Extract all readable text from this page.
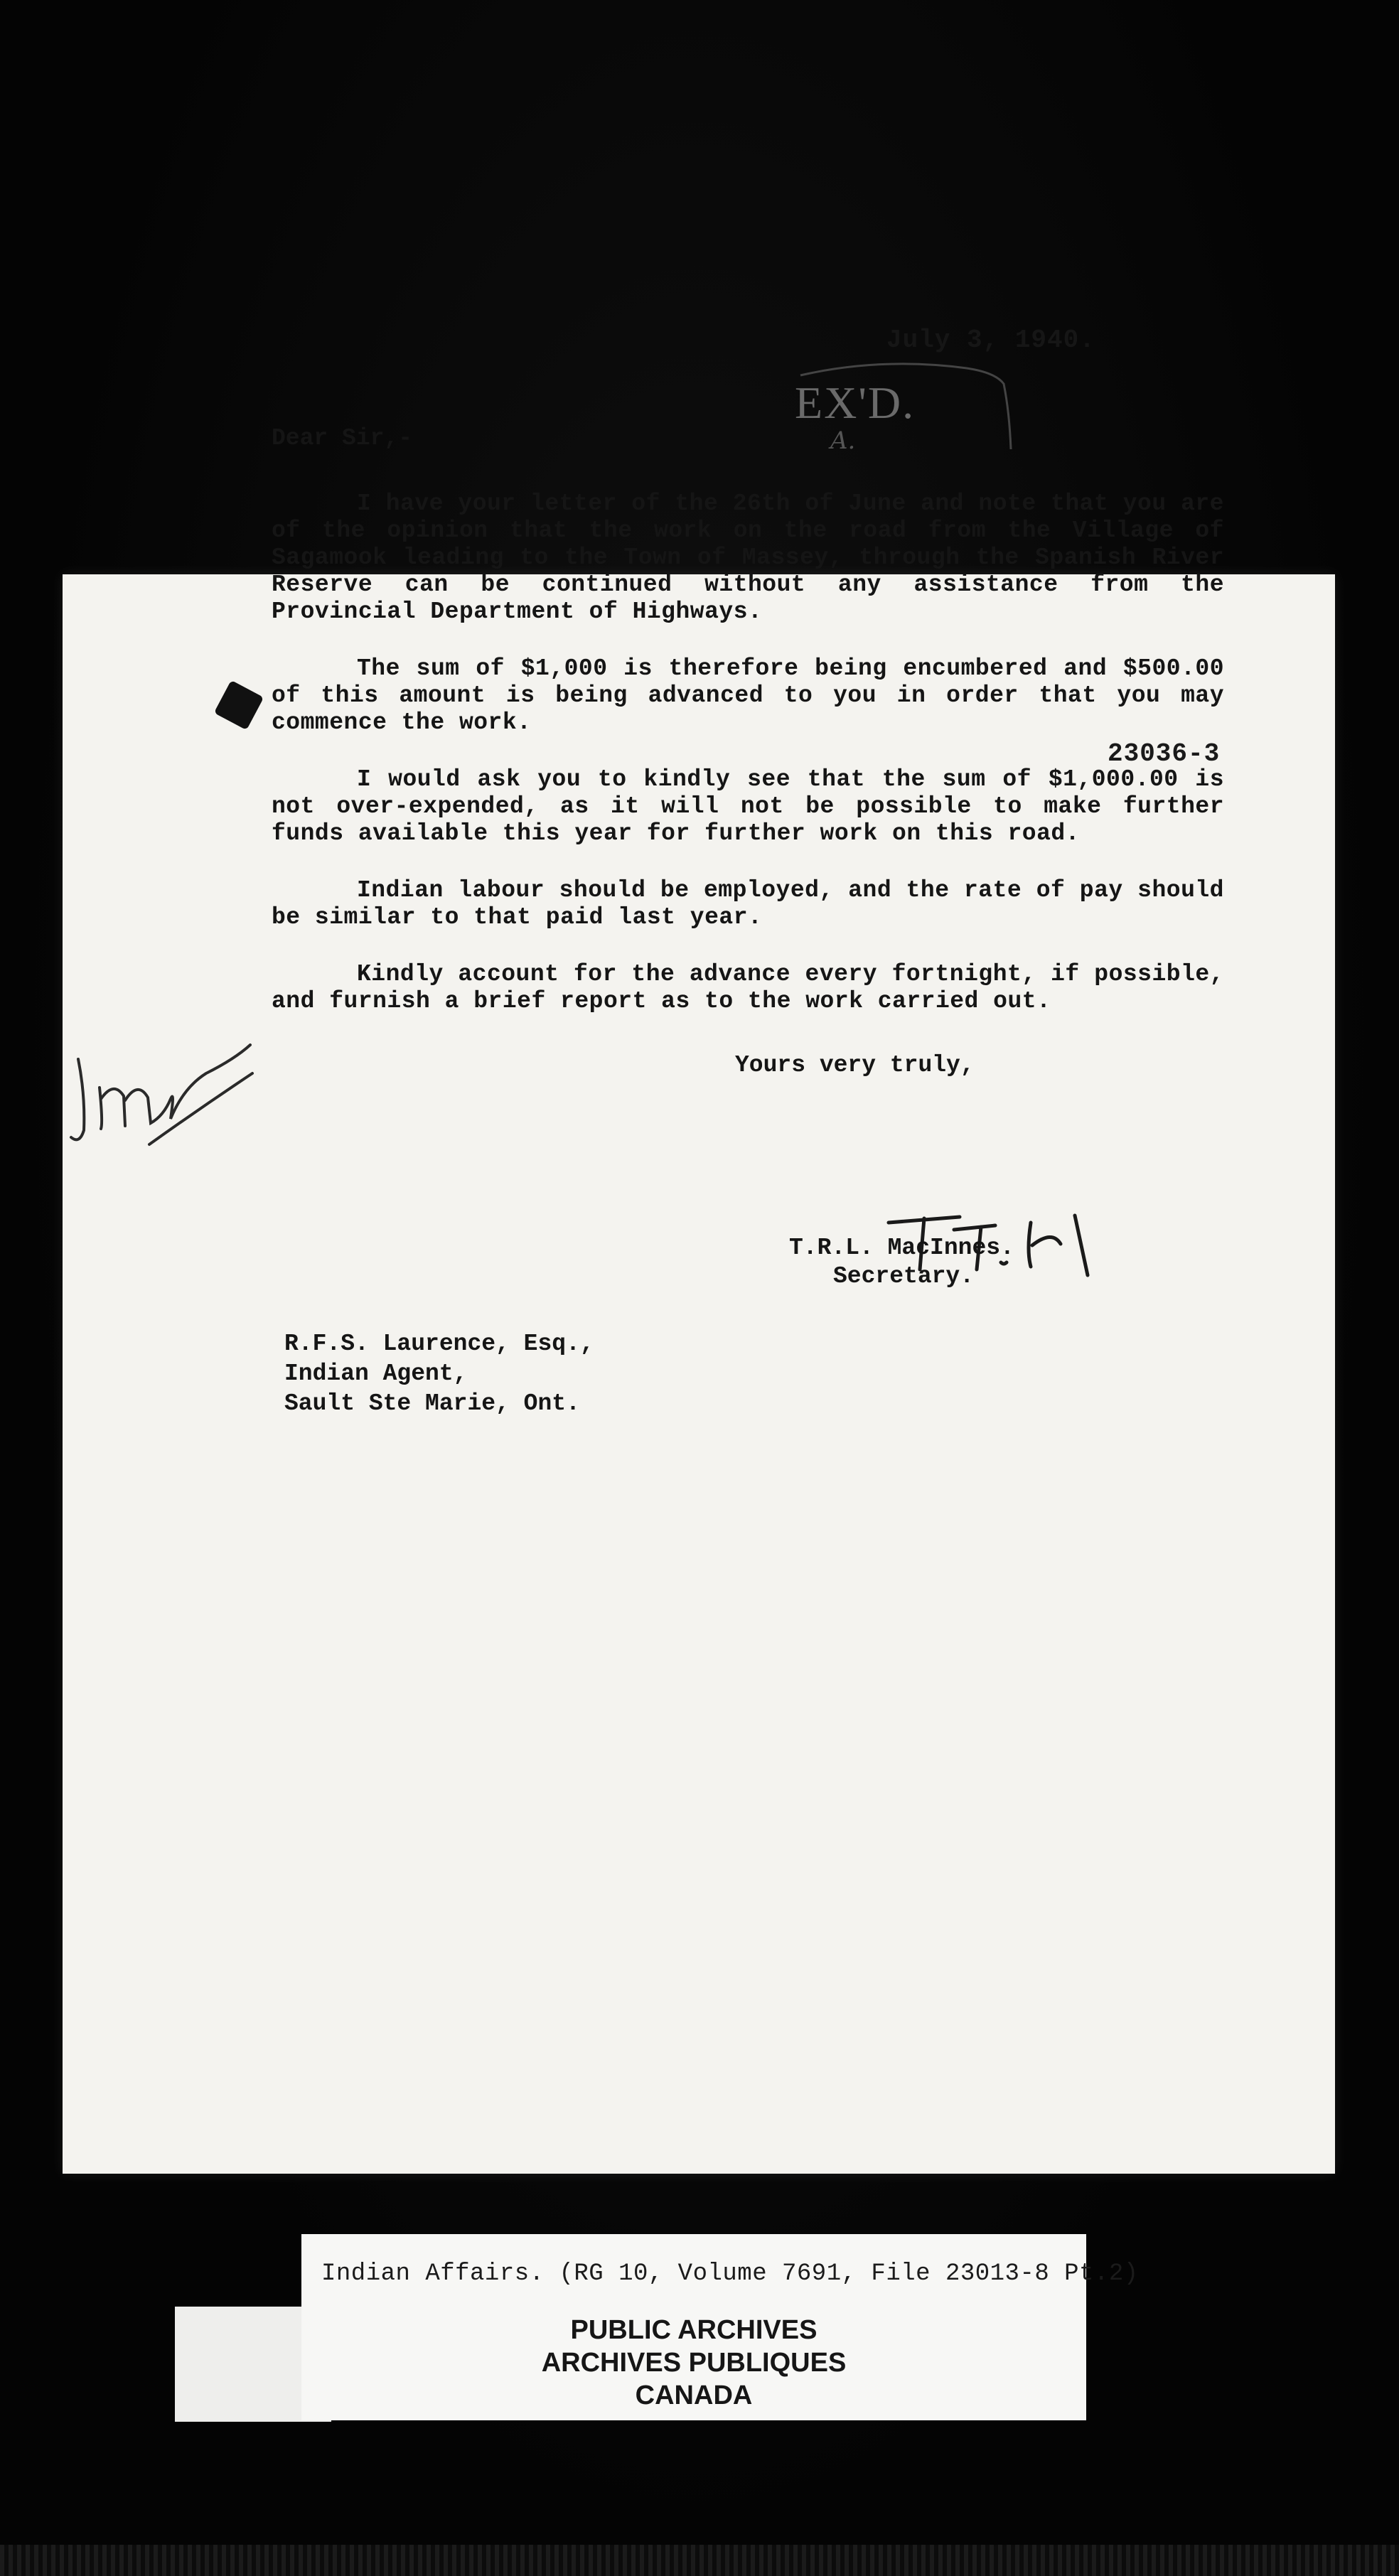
23036-3
July 3, 1940.
EX'D.
A.
Dear Sir,-

I have your letter of the 26th of June and note that you are of the opinion that the work on the road from the Village of Sagamook leading to the Town of Massey, through the Spanish River Reserve can be continued without any assistance from the Provincial Department of Highways.

The sum of $1,000 is therefore being encumbered and $500.00 of this amount is being advanced to you in order that you may commence the work.

I would ask you to kindly see that the sum of $1,000.00 is not over-expended, as it will not be possible to make further funds available this year for further work on this road.

Indian labour should be employed, and the rate of pay should be similar to that paid last year.

Kindly account for the advance every fortnight, if possible, and furnish a brief report as to the work carried out.

Yours very truly,
T.R.L. MacInnes.
Secretary.
R.F.S. Laurence, Esq.,
Indian Agent,
Sault Ste Marie, Ont.
Indian Affairs. (RG 10, Volume 7691, File 23013-8 Pt.2)
PUBLIC ARCHIVES
ARCHIVES PUBLIQUES
CANADA
